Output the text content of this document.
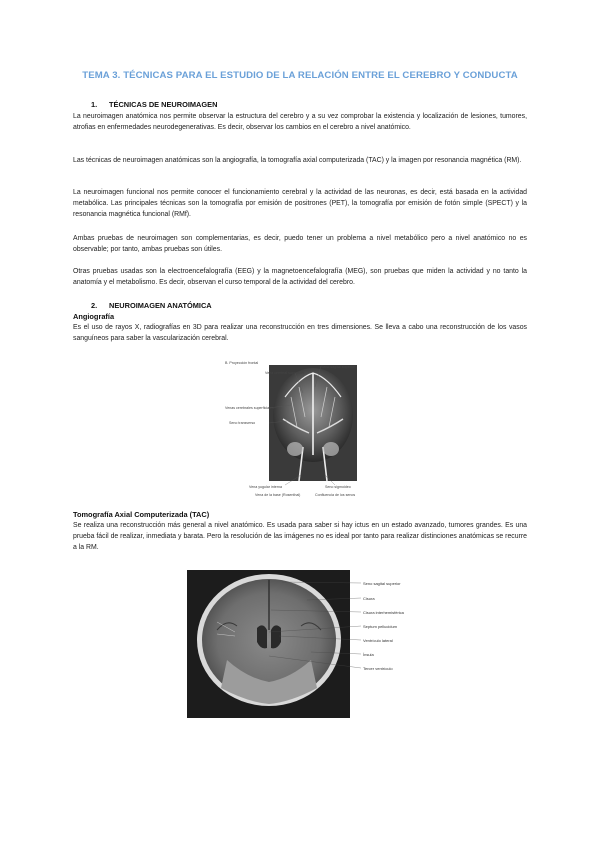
TEMA 3. TÉCNICAS PARA EL ESTUDIO DE LA RELACIÓN ENTRE EL CEREBRO Y CONDUCTA
1. TÉCNICAS DE NEUROIMAGEN
La neuroimagen anatómica nos permite observar la estructura del cerebro y a su vez comprobar la existencia y localización de lesiones, tumores, atrofias en enfermedades neurodegenerativas. Es decir, observar los cambios en el cerebro a nivel anatómico.
Las técnicas de neuroimagen anatómicas son la angiografía, la tomografía axial computerizada (TAC) y la imagen por resonancia magnética (RM).
La neuroimagen funcional nos permite conocer el funcionamiento cerebral y la actividad de las neuronas, es decir, está basada en la actividad metabólica. Las principales técnicas son la tomografía por emisión de positrones (PET), la tomografía por emisión de fotón simple (SPECT) y la resonancia magnética funcional (RMf).
Ambas pruebas de neuroimagen son complementarias, es decir, puedo tener un problema a nivel metabólico pero a nivel anatómico no es observable; por tanto, ambas pruebas son útiles.
Otras pruebas usadas son la electroencefalografía (EEG) y la magnetoencefalografía (MEG), son pruebas que miden la actividad y no tanto la anatomía y el metabolismo. Es decir, observan el curso temporal de la actividad del cerebro.
2. NEUROIMAGEN ANATÓMICA
Angiografía
Es el uso de rayos X, radiografías en 3D para realizar una reconstrucción en tres dimensiones. Se lleva a cabo una reconstrucción de los vasos sanguíneos para saber la vascularización cerebral.
B. Proyección frontal
Vena cerebral superficial
Seno sagital superior
Venas cerebrales superficiales
Seno transverso
Vena yugular interna
Vena de la base (Rosenthal)
Seno sigmoideo
Confluencia de los senos
Tomografía Axial Computerizada (TAC)
Se realiza una reconstrucción más general a nivel anatómico. Es usada para saber si hay ictus en un estado avanzado, tumores grandes. Es una prueba fácil de realizar, inmediata y barata. Pero la resolución de las imágenes no es ideal por tanto para realizar distinciones anatómicas se recurre a la RM.
Seno sagital superior
Cisura
Cisura interhemisférica
Septum pellucidum
Ventrículo lateral
Ínsula
Tercer ventrículo
